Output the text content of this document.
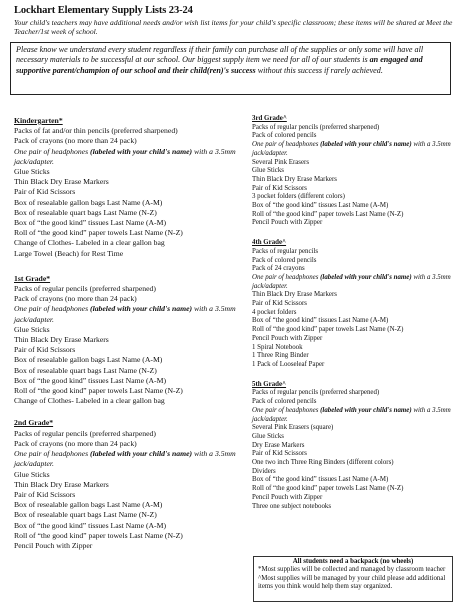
Lockhart Elementary Supply Lists 23-24
Your child's teachers may have additional needs and/or wish list items for your child's specific classroom; these items will be shared at Meet the Teacher/1st week of school.
Please know we understand every student regardless if their family can purchase all of the supplies or only some will have all necessary materials to be successful at our school. Our biggest supply item we need for all of our students is an engaged and supportive parent/champion of our school and their child(ren)'s success without this success if rarely achieved.
Kindergarten*
Packs of fat and/or thin pencils (preferred sharpened)
Pack of crayons (no more than 24 pack)
One pair of headphones (labeled with your child's name) with a 3.5mm jack/adapter.
Glue Sticks
Thin Black Dry Erase Markers
Pair of Kid Scissors
Box of resealable gallon bags Last Name (A-M)
Box of resealable quart bags Last Name (N-Z)
Box of “the good kind” tissues Last Name (A-M)
Roll of “the good kind” paper towels Last Name (N-Z)
Change of Clothes- Labeled in a clear gallon bag
Large Towel (Beach) for Rest Time
1st Grade*
Packs of regular pencils (preferred sharpened)
Pack of crayons (no more than 24 pack)
One pair of headphones (labeled with your child's name) with a 3.5mm jack/adapter.
Glue Sticks
Thin Black Dry Erase Markers
Pair of Kid Scissors
Box of resealable gallon bags Last Name (A-M)
Box of resealable quart bags Last Name (N-Z)
Box of “the good kind” tissues Last Name (A-M)
Roll of “the good kind” paper towels Last Name (N-Z)
Change of Clothes- Labeled in a clear gallon bag
2nd Grade*
Packs of regular pencils (preferred sharpened)
Pack of crayons (no more than 24 pack)
One pair of headphones (labeled with your child's name) with a 3.5mm jack/adapter.
Glue Sticks
Thin Black Dry Erase Markers
Pair of Kid Scissors
Box of resealable gallon bags Last Name (A-M)
Box of resealable quart bags Last Name (N-Z)
Box of “the good kind” tissues Last Name (A-M)
Roll of “the good kind” paper towels Last Name (N-Z)
Pencil Pouch with Zipper
3rd Grade^
Packs of regular pencils (preferred sharpened)
Pack of colored pencils
One pair of headphones (labeled with your child's name) with a 3.5mm jack/adapter.
Several Pink Erasers
Glue Sticks
Thin Black Dry Erase Markers
Pair of Kid Scissors
3 pocket folders (different colors)
Box of “the good kind” tissues Last Name (A-M)
Roll of “the good kind” paper towels Last Name (N-Z)
Pencil Pouch with Zipper
4th Grade^
Packs of regular pencils
Pack of colored pencils
Pack of 24 crayons
One pair of headphones (labeled with your child's name) with a 3.5mm jack/adapter.
Thin Black Dry Erase Markers
Pair of Kid Scissors
4 pocket folders
Box of “the good kind” tissues Last Name (A-M)
Roll of “the good kind” paper towels Last Name (N-Z)
Pencil Pouch with Zipper
1 Spiral Notebook
1 Three Ring Binder
1 Pack of Looseleaf Paper
5th Grade^
Packs of regular pencils (preferred sharpened)
Pack of colored pencils
One pair of headphones (labeled with your child's name) with a 3.5mm jack/adapter.
Several Pink Erasers (square)
Glue Sticks
Dry Erase Markers
Pair of Kid Scissors
One two inch Three Ring Binders (different colors)
Dividers
Box of “the good kind” tissues Last Name (A-M)
Roll of “the good kind” paper towels Last Name (N-Z)
Pencil Pouch with Zipper
Three one subject notebooks
All students need a backpack (no wheels)
*Most supplies will be collected and managed by classroom teacher
^Most supplies will be managed by your child please add additional items you think would help them stay organized.
